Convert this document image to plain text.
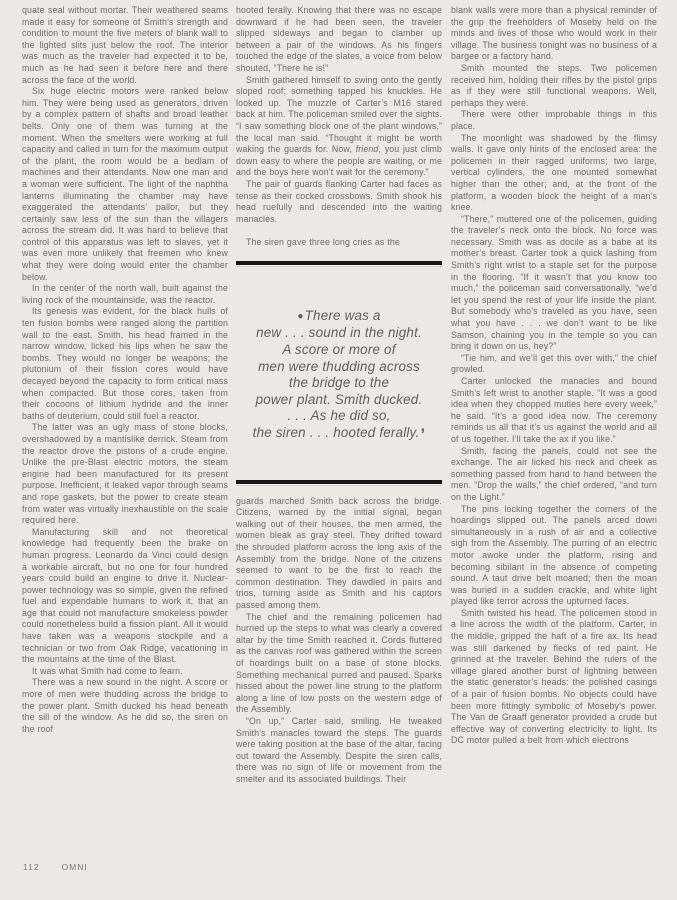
quate seal without mortar. Their weathered seams made it easy for someone of Smith’s strength and condition to mount the five meters of blank wall to the lighted slits just below the roof. The interior was much as the traveler had expected it to be, much as he had seen it before here and there across the face of the world.

Six huge electric motors were ranked below him. They were being used as generators, driven by a complex pattern of shafts and broad leather belts. Only one of them was turning at the moment. When the smelters were working at full capacity and called in turn for the maximum output of the plant, the room would be a bedlam of machines and their attendants. Now one man and a woman were sufficient. The light of the naphtha lanterns illuminating the chamber may have exaggerated the attendants’ pallor, but they certainly saw less of the sun than the villagers across the stream did. It was hard to believe that control of this apparatus was left to slaves, yet it was even more unlikely that freemen who knew what they were doing would enter the chamber below.

In the center of the north wall, built against the living rock of the mountainside, was the reactor.

Its genesis was evident, for the black hulls of ten fusion bombs were ranged along the partition wall to the east. Smith, his head framed in the narrow window, licked his lips when he saw the bombs. They would no longer be weapons; the plutonium of their fission cores would have decayed beyond the capacity to form critical mass when compacted. But those cores, taken from their cocoons of lithium hydride and the inner baths of deuterium, could still fuel a reactor.

The latter was an ugly mass of stone blocks, overshadowed by a mantislike derrick. Steam from the reactor drove the pistons of a crude engine. Unlike the pre-Blast electric motors, the steam engine had been manufactured for its present purpose. Inefficient, it leaked vapor through seams and rope gaskets, but the power to create steam from water was virtually inexhaustible on the scale required here.

Manufacturing skill and not theoretical knowledge had frequently been the brake on human progress. Leonardo da Vinci could design a workable aircraft, but no one for four hundred years could build an engine to drive it. Nuclear-power technology was so simple, given the refined fuel and expendable humans to work it, that an age that could not manufacture smokeless powder could nonetheless build a fission plant. All it would have taken was a weapons stockpile and a technician or two from Oak Ridge, vacationing in the mountains at the time of the Blast.

It was what Smith had come to learn.

There was a new sound in the night. A score or more of men were thudding across the bridge to the power plant. Smith ducked his head beneath the sill of the window. As he did so, the siren on the roof

hooted ferally. Knowing that there was no escape downward if he had been seen, the traveler slipped sideways and began to clamber up between a pair of the windows. As his fingers touched the edge of the slates, a voice from below shouted, “There he is!”

Smith gathered himself to swing onto the gently sloped roof; something tapped his knuckles. He looked up. The muzzle of Carter’s M16 stared back at him. The policeman smiled over the sights. “I saw something block one of the plant windows,” the local man said. “Thought it might be worth waking the guards for. Now, friend, you just climb down easy to where the people are waiting, or me and the boys here won’t wait for the ceremony.”

The pair of guards flanking Carter had faces as tense as their cocked crossbows. Smith shook his head ruefully and descended into the waiting manacles.

The siren gave three long cries as the

●There was a
new . . . sound in the night.
A score or more of
men were thudding across
the bridge to the
power plant. Smith ducked.
. . . As he did so,
the siren . . . hooted ferally.’

guards marched Smith back across the bridge. Citizens, warned by the initial signal, began walking out of their houses, the men armed, the women bleak as gray steel. They drifted toward the shrouded platform across the long axis of the Assembly from the bridge. None of the citizens seemed to want to be the first to reach the common destination. They dawdled in pairs and trios, turning aside as Smith and his captors passed among them.

The chief and the remaining policemen had hurried up the steps to what was clearly a covered altar by the time Smith reached it. Cords fluttered as the canvas roof was gathered within the screen of hoardings built on a base of stone blocks. Something mechanical purred and paused. Sparks hissed about the power line strung to the platform along a line of low posts on the western edge of the Assembly.

“On up,” Carter said, smiling. He tweaked Smith’s manacles toward the steps. The guards were taking position at the base of the altar, facing out toward the Assembly. Despite the siren calls, there was no sign of life or movement from the smelter and its associated buildings. Their

blank walls were more than a physical reminder of the grip the freeholders of Moseby held on the minds and lives of those who would work in their village. The business tonight was no business of a bargee or a factory hand.

Smith mounted the steps. Two policemen received him, holding their rifles by the pistol grips as if they were still functional weapons. Well, perhaps they were.

There were other improbable things in this place.

The moonlight was shadowed by the flimsy walls. It gave only hints of the enclosed area: the policemen in their ragged uniforms; two large, vertical cylinders, the one mounted somewhat higher than the other; and, at the front of the platform, a wooden block the height of a man’s knee.

“There,” muttered one of the policemen, guiding the traveler’s neck onto the block. No force was necessary. Smith was as docile as a babe at its mother’s breast. Carter took a quick lashing from Smith’s right wrist to a staple set for the purpose in the flooring. “If it wasn’t that you know too much,” the policeman said conversationally, “we’d let you spend the rest of your life inside the plant. But somebody who’s traveled as you have, seen what you have . . . we don’t want to be like Samson, chaining you in the temple so you can bring it down on us, hey?”

“Tie him, and we’ll get this over with,” the chief growled.

Carter unlocked the manacles and bound Smith’s left wrist to another staple. “It was a good idea when they chopped muties here every week,” he said. “It’s a good idea now. The ceremony reminds us all that it’s us against the world and all of us together. I’ll take the ax if you like.”

Smith, facing the panels, could not see the exchange. The air licked his neck and cheek as something passed from hand to hand between the men. “Drop the walls,” the chief ordered, “and turn on the Light.”

The pins locking together the corners of the hoardings slipped out. The panels arced down simultaneously in a rush of air and a collective sigh from the Assembly. The purring of an electric motor awoke under the platform, rising and becoming sibilant in the absence of competing sound. A taut drive belt moaned; then the moan was buried in a sudden crackle, and white light played like terror across the upturned faces.

Smith twisted his head. The policemen stood in a line across the width of the platform. Carter, in the middle, gripped the haft of a fire ax. Its head was still darkened by flecks of red paint. He grinned at the traveler. Behind the rulers of the village glared another burst of lightning between the static generator’s heads: the polished casings of a pair of fusion bombs. No objects could have been more fittingly symbolic of Moseby’s power. The Van de Graaff generator provided a crude but effective way of converting electricity to light. Its DC motor pulled a belt from which electrons

112	OMNI
